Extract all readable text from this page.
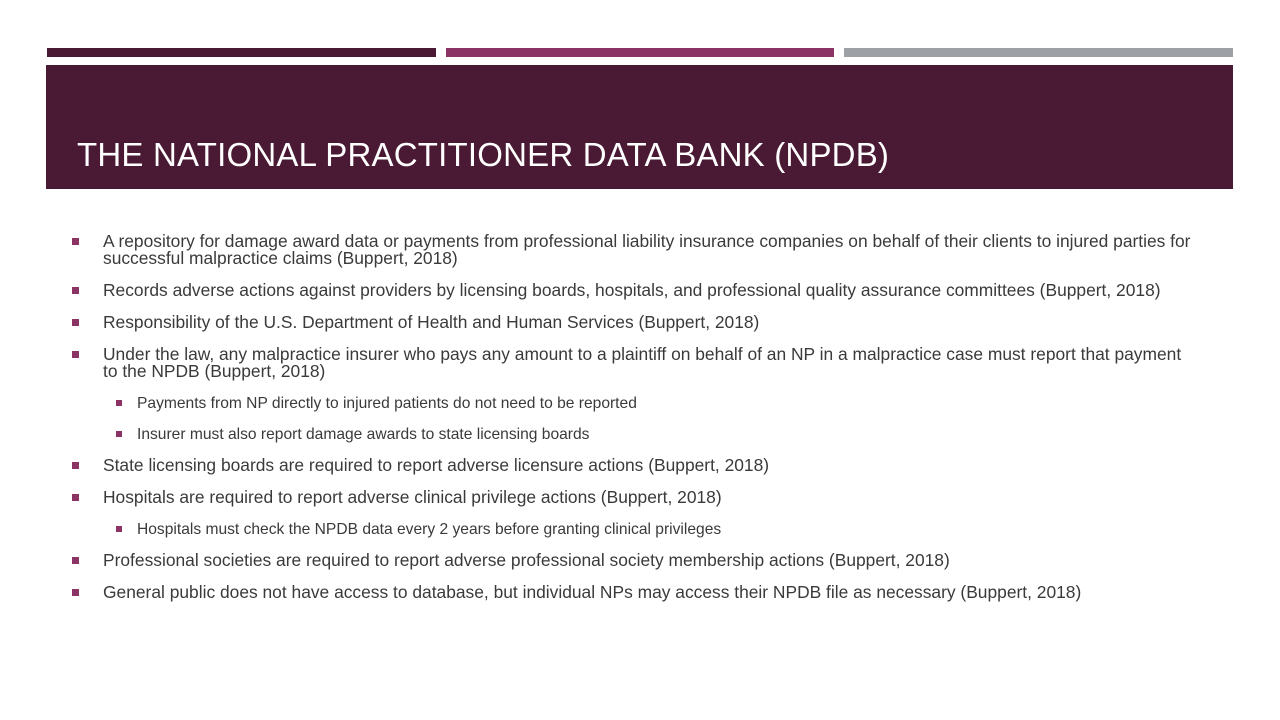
THE NATIONAL PRACTITIONER DATA BANK (NPDB)
A repository for damage award data or payments from professional liability insurance companies on behalf of their clients to injured parties for successful malpractice claims (Buppert, 2018)
Records adverse actions against providers by licensing boards, hospitals, and professional quality assurance committees (Buppert, 2018)
Responsibility of the U.S. Department of Health and Human Services (Buppert, 2018)
Under the law, any malpractice insurer who pays any amount to a plaintiff on behalf of an NP in a malpractice case must report that payment to the NPDB (Buppert, 2018)
Payments from NP directly to injured patients do not need to be reported
Insurer must also report damage awards to state licensing boards
State licensing boards are required to report adverse licensure actions (Buppert, 2018)
Hospitals are required to report adverse clinical privilege actions (Buppert, 2018)
Hospitals must check the NPDB data every 2 years before granting clinical privileges
Professional societies are required to report adverse professional society membership actions (Buppert, 2018)
General public does not have access to database, but individual NPs may access their NPDB file as necessary (Buppert, 2018)
